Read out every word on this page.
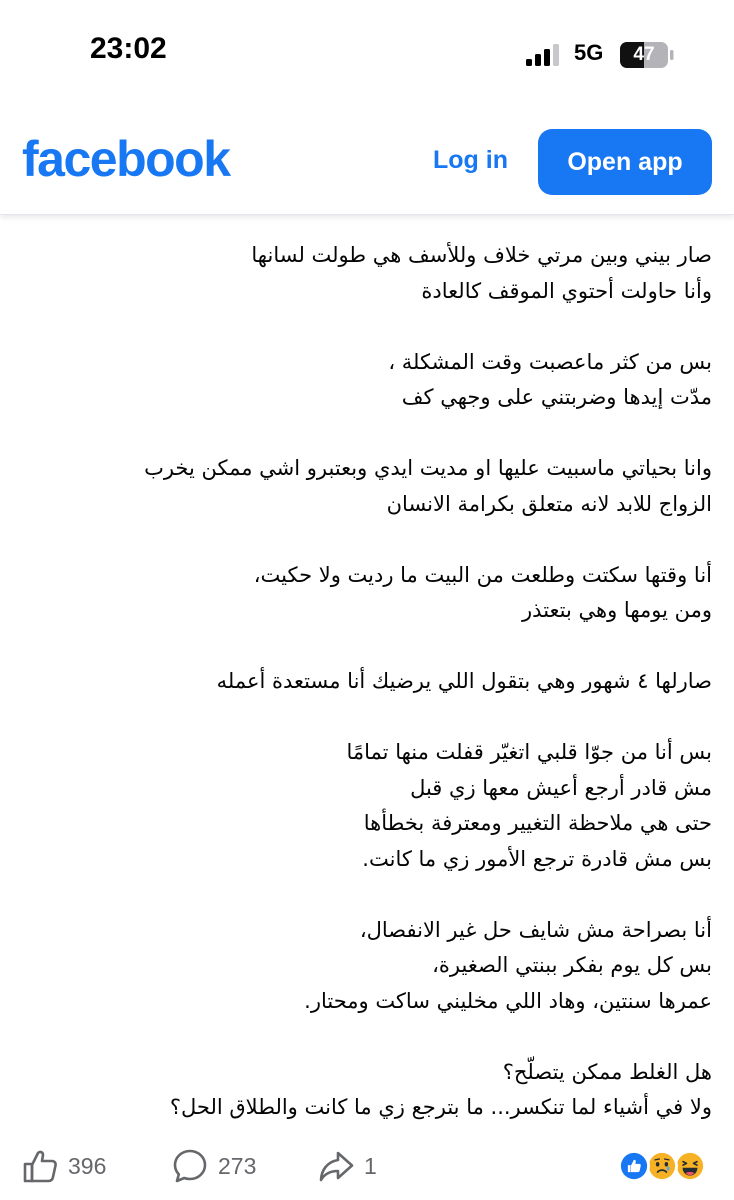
23:02	5G	47
facebook	Log in	Open app
صار بيني وبين مرتي خلاف وللأسف هي طولت لسانها
وأنا حاولت أحتوي الموقف كالعادة
بس من كثر ماعصبت وقت المشكلة ،
مدّت إيدها وضربتني على وجهي كف
وانا بحياتي ماسبيت عليها او مديت ايدي وبعتبرو اشي ممكن يخرب
الزواج للابد لانه متعلق بكرامة الانسان
أنا وقتها سكتت وطلعت من البيت ما رديت ولا حكيت،
ومن يومها وهي بتعتذر
صارلها ٤ شهور وهي بتقول اللي يرضيك أنا مستعدة أعمله
بس أنا من جوّا قلبي اتغيّر قفلت منها تمامًا
مش قادر أرجع أعيش معها زي قبل
حتى هي ملاحظة التغيير ومعترفة بخطأها
بس مش قادرة ترجع الأمور زي ما كانت.
أنا بصراحة مش شايف حل غير الانفصال،
بس كل يوم بفكر ببنتي الصغيرة،
عمرها سنتين، وهاد اللي مخليني ساكت ومحتار.
هل الغلط ممكن يتصلّح؟
ولا في أشياء لما تنكسر... ما بترجع زي ما كانت والطلاق الحل؟
396	273	1
